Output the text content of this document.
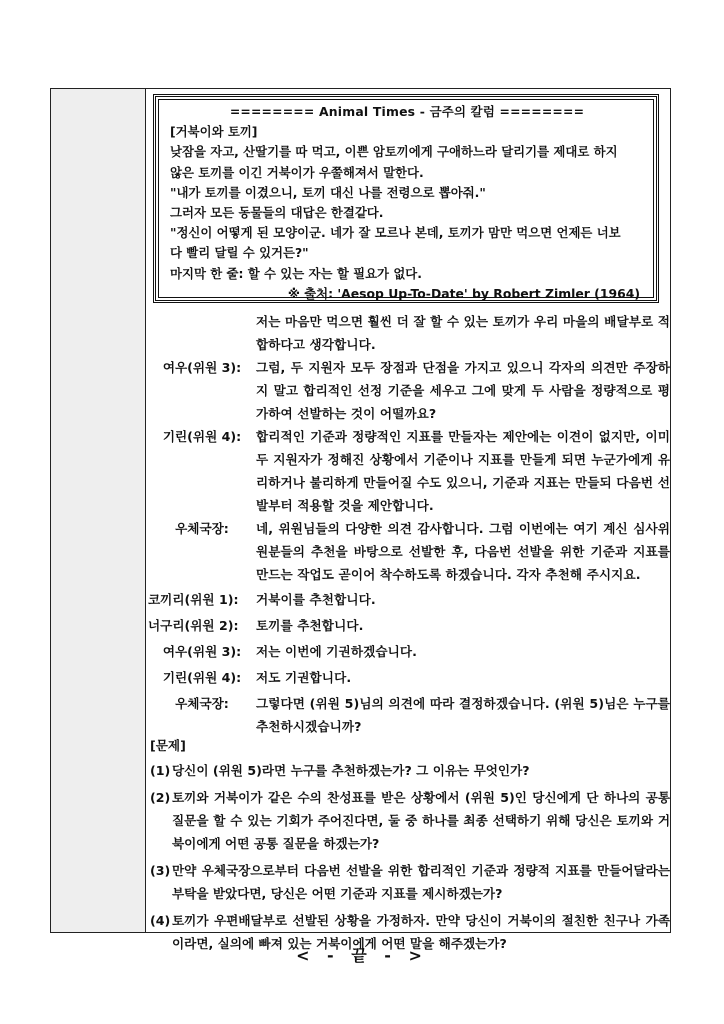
======== Animal Times - 금주의 칼럼 ========

[거북이와 토끼]

낮잠을 자고, 산딸기를 따 먹고, 이쁜 암토끼에게 구애하느라 달리기를 제대로 하지

않은 토끼를 이긴 거북이가 우쭐해져서 말한다.

"내가 토끼를 이겼으니, 토끼 대신 나를 전령으로 뽑아줘."

그러자 모든 동물들의 대답은 한결같다.

"정신이 어떻게 된 모양이군. 네가 잘 모르나 본데, 토끼가 맘만 먹으면 언제든 너보

다 빨리 달릴 수 있거든?"

마지막 한 줄: 할 수 있는 자는 할 필요가 없다.

※ 출처: 'Aesop Up-To-Date' by Robert Zimler (1964)

저는 마음만 먹으면 훨씬 더 잘 할 수 있는 토끼가 우리 마을의 배달부로 적합하다고 생각합니다.
여우(위원 3):	그럼, 두 지원자 모두 장점과 단점을 가지고 있으니 각자의 의견만 주장하지 말고 합리적인 선정 기준을 세우고 그에 맞게 두 사람을 정량적으로 평가하여 선발하는 것이 어떨까요?
기린(위원 4):	합리적인 기준과 정량적인 지표를 만들자는 제안에는 이견이 없지만, 이미 두 지원자가 정해진 상황에서 기준이나 지표를 만들게 되면 누군가에게 유리하거나 불리하게 만들어질 수도 있으니, 기준과 지표는 만들되 다음번 선발부터 적용할 것을 제안합니다.
우체국장:	네, 위원님들의 다양한 의견 감사합니다. 그럼 이번에는 여기 계신 심사위원분들의 추천을 바탕으로 선발한 후, 다음번 선발을 위한 기준과 지표를 만드는 작업도 곧이어 착수하도록 하겠습니다. 각자 추천해 주시지요.
코끼리(위원 1):	거북이를 추천합니다.
너구리(위원 2):	토끼를 추천합니다.
여우(위원 3):	저는 이번에 기권하겠습니다.
기린(위원 4):	저도 기권합니다.
우체국장:	그렇다면 (위원 5)님의 의견에 따라 결정하겠습니다. (위원 5)님은 누구를 추천하시겠습니까?
[문제]
(1) 당신이 (위원 5)라면 누구를 추천하겠는가? 그 이유는 무엇인가?
(2) 토끼와 거북이가 같은 수의 찬성표를 받은 상황에서 (위원 5)인 당신에게 단 하나의 공통 질문을 할 수 있는 기회가 주어진다면, 둘 중 하나를 최종 선택하기 위해 당신은 토끼와 거북이에게 어떤 공통 질문을 하겠는가?
(3) 만약 우체국장으로부터 다음번 선발을 위한 합리적인 기준과 정량적 지표를 만들어달라는 부탁을 받았다면, 당신은 어떤 기준과 지표를 제시하겠는가?
(4) 토끼가 우편배달부로 선발된 상황을 가정하자. 만약 당신이 거북이의 절친한 친구나 가족이라면, 실의에 빠져 있는 거북이에게 어떤 말을 해주겠는가?
< - 끝 - >
